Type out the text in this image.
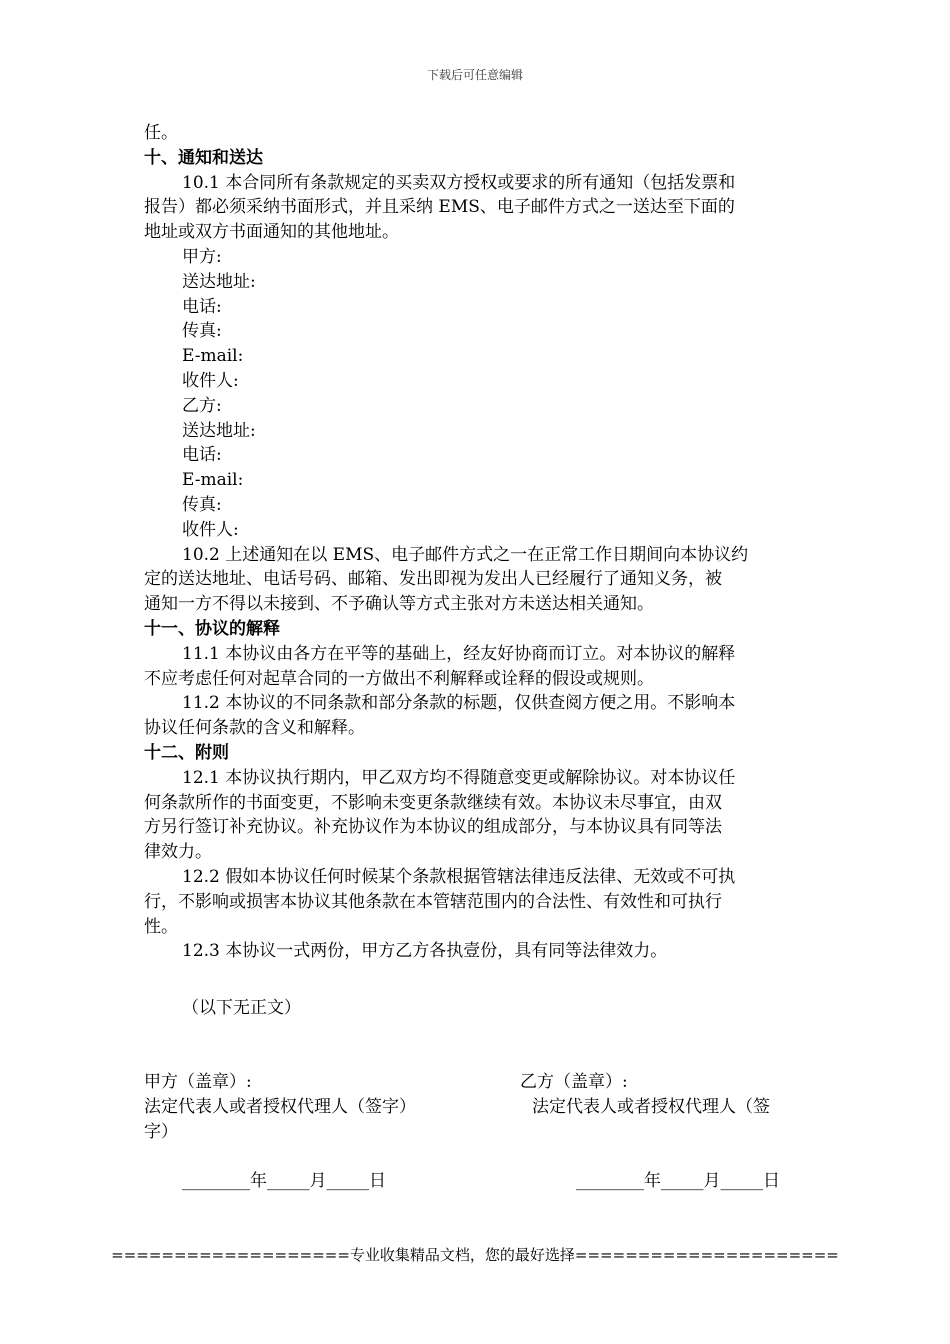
下载后可任意编辑
任。
十、通知和送达
10.1 本合同所有条款规定的买卖双方授权或要求的所有通知（包括发票和
报告）都必须采纳书面形式，并且采纳 EMS、电子邮件方式之一送达至下面的
地址或双方书面通知的其他地址。
甲方:
送达地址:
电话:
传真:
E-mail:
收件人:
乙方:
送达地址:
电话:
E-mail:
传真:
收件人:
10.2 上述通知在以 EMS、电子邮件方式之一在正常工作日期间向本协议约
定的送达地址、电话号码、邮箱、发出即视为发出人已经履行了通知义务，被
通知一方不得以未接到、不予确认等方式主张对方未送达相关通知。
十一、协议的解释
11.1 本协议由各方在平等的基础上，经友好协商而订立。对本协议的解释
不应考虑任何对起草合同的一方做出不利解释或诠释的假设或规则。
11.2 本协议的不同条款和部分条款的标题，仅供查阅方便之用。不影响本
协议任何条款的含义和解释。
十二、附则
12.1 本协议执行期内，甲乙双方均不得随意变更或解除协议。对本协议任
何条款所作的书面变更，不影响未变更条款继续有效。本协议未尽事宜，由双
方另行签订补充协议。补充协议作为本协议的组成部分，与本协议具有同等法
律效力。
12.2 假如本协议任何时候某个条款根据管辖法律违反法律、无效或不可执
行，不影响或损害本协议其他条款在本管辖范围内的合法性、有效性和可执行
性。
12.3 本协议一式两份，甲方乙方各执壹份，具有同等法律效力。
（以下无正文）
甲方（盖章）:	乙方（盖章）:
法定代表人或者授权代理人（签字）	法定代表人或者授权代理人（签
字）
________年_____月_____日	________年_____月_____日
===================专业收集精品文档，您的最好选择=====================
